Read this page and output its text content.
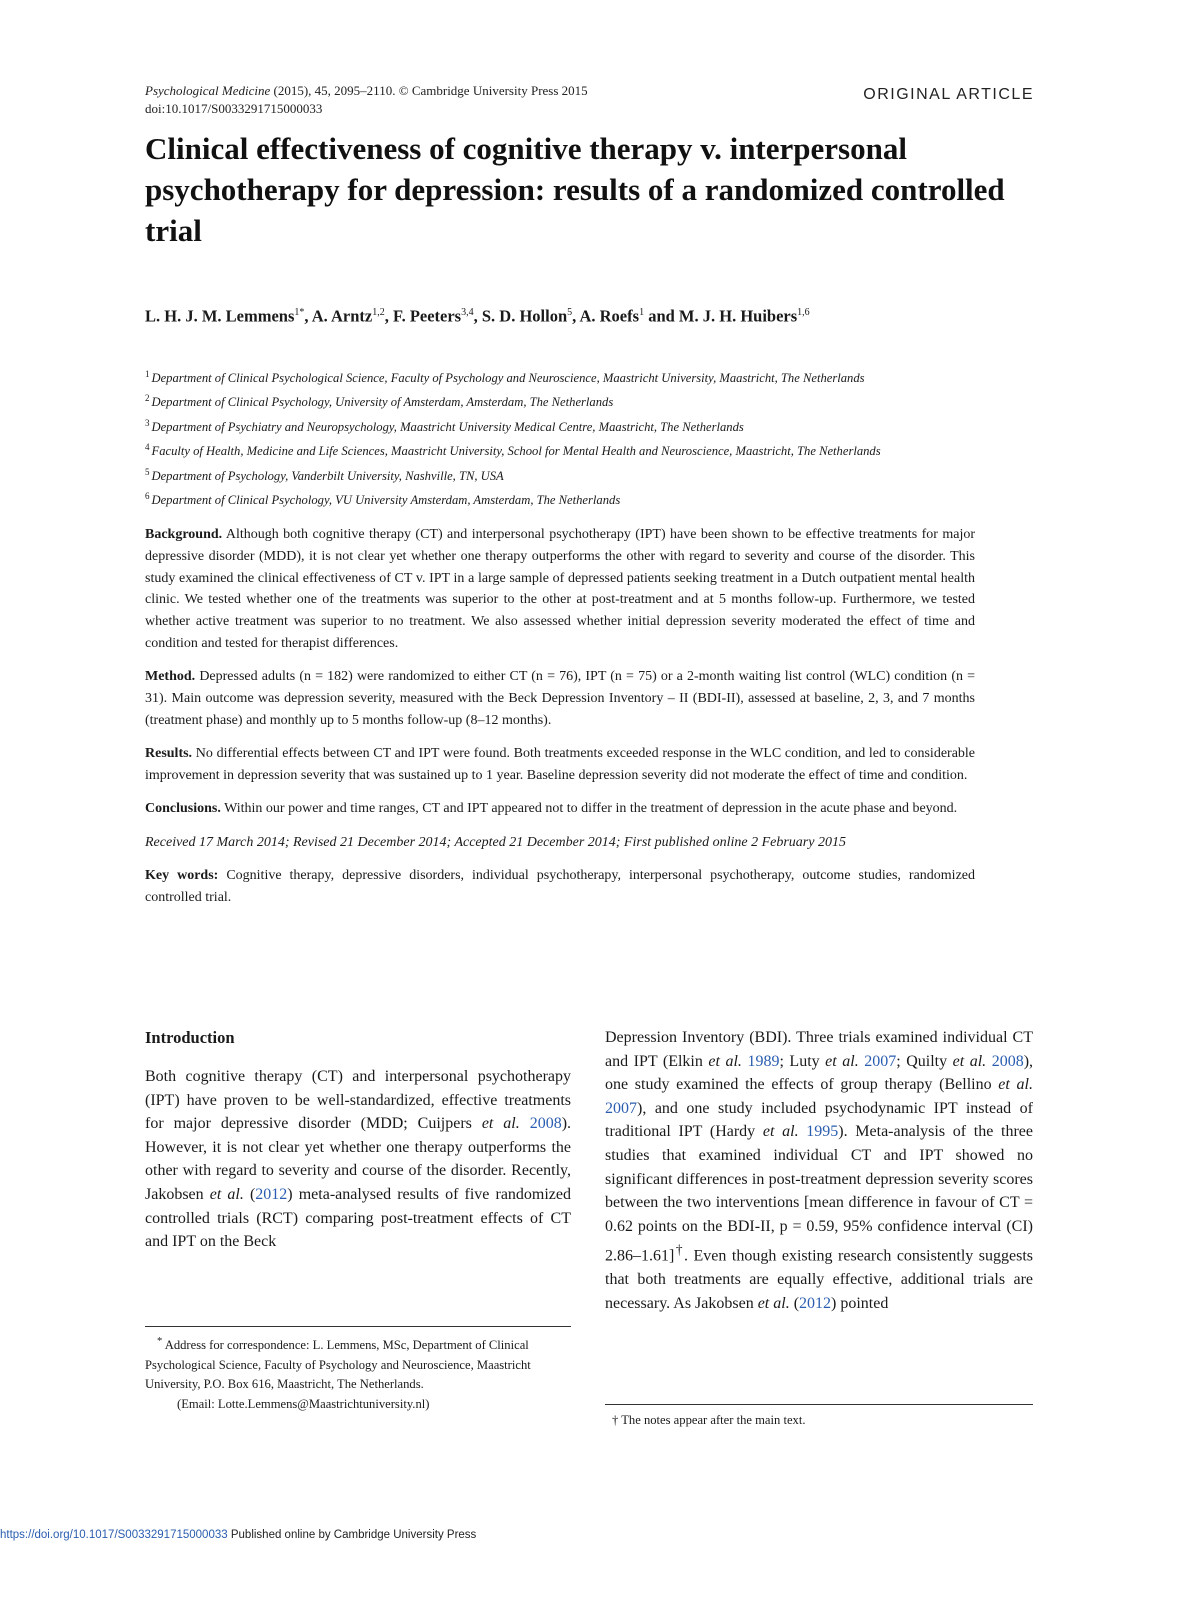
Psychological Medicine (2015), 45, 2095–2110. © Cambridge University Press 2015
doi:10.1017/S0033291715000033
ORIGINAL ARTICLE
Clinical effectiveness of cognitive therapy v. interpersonal psychotherapy for depression: results of a randomized controlled trial
L. H. J. M. Lemmens$^{1*}$, A. Arntz$^{1,2}$, F. Peeters$^{3,4}$, S. D. Hollon$^5$, A. Roefs$^1$ and M. J. H. Huibers$^{1,6}$
$^1$ Department of Clinical Psychological Science, Faculty of Psychology and Neuroscience, Maastricht University, Maastricht, The Netherlands
$^2$ Department of Clinical Psychology, University of Amsterdam, Amsterdam, The Netherlands
$^3$ Department of Psychiatry and Neuropsychology, Maastricht University Medical Centre, Maastricht, The Netherlands
$^4$ Faculty of Health, Medicine and Life Sciences, Maastricht University, School for Mental Health and Neuroscience, Maastricht, The Netherlands
$^5$ Department of Psychology, Vanderbilt University, Nashville, TN, USA
$^6$ Department of Clinical Psychology, VU University Amsterdam, Amsterdam, The Netherlands

Background. Although both cognitive therapy (CT) and interpersonal psychotherapy (IPT) have been shown to be effective treatments for major depressive disorder (MDD), it is not clear yet whether one therapy outperforms the other with regard to severity and course of the disorder. This study examined the clinical effectiveness of CT v. IPT in a large sample of depressed patients seeking treatment in a Dutch outpatient mental health clinic. We tested whether one of the treatments was superior to the other at post-treatment and at 5 months follow-up. Furthermore, we tested whether active treatment was superior to no treatment. We also assessed whether initial depression severity moderated the effect of time and condition and tested for therapist differences.

Method. Depressed adults (n = 182) were randomized to either CT (n = 76), IPT (n = 75) or a 2-month waiting list control (WLC) condition (n = 31). Main outcome was depression severity, measured with the Beck Depression Inventory – II (BDI-II), assessed at baseline, 2, 3, and 7 months (treatment phase) and monthly up to 5 months follow-up (8–12 months).

Results. No differential effects between CT and IPT were found. Both treatments exceeded response in the WLC condition, and led to considerable improvement in depression severity that was sustained up to 1 year. Baseline depression severity did not moderate the effect of time and condition.

Conclusions. Within our power and time ranges, CT and IPT appeared not to differ in the treatment of depression in the acute phase and beyond.

Received 17 March 2014; Revised 21 December 2014; Accepted 21 December 2014; First published online 2 February 2015

Key words: Cognitive therapy, depressive disorders, individual psychotherapy, interpersonal psychotherapy, outcome studies, randomized controlled trial.

Introduction

Both cognitive therapy (CT) and interpersonal psychotherapy (IPT) have proven to be well-standardized, effective treatments for major depressive disorder (MDD; Cuijpers et al. 2008). However, it is not clear yet whether one therapy outperforms the other with regard to severity and course of the disorder. Recently, Jakobsen et al. (2012) meta-analysed results of five randomized controlled trials (RCT) comparing post-treatment effects of CT and IPT on the Beck

Depression Inventory (BDI). Three trials examined individual CT and IPT (Elkin et al. 1989; Luty et al. 2007; Quilty et al. 2008), one study examined the effects of group therapy (Bellino et al. 2007), and one study included psychodynamic IPT instead of traditional IPT (Hardy et al. 1995). Meta-analysis of the three studies that examined individual CT and IPT showed no significant differences in post-treatment depression severity scores between the two interventions [mean difference in favour of CT = 0.62 points on the BDI-II, p = 0.59, 95% confidence interval (CI) 2.86–1.61]†. Even though existing research consistently suggests that both treatments are equally effective, additional trials are necessary. As Jakobsen et al. (2012) pointed

* Address for correspondence: L. Lemmens, MSc, Department of Clinical Psychological Science, Faculty of Psychology and Neuroscience, Maastricht University, P.O. Box 616, Maastricht, The Netherlands.
(Email: Lotte.Lemmens@Maastrichtuniversity.nl)
† The notes appear after the main text.
https://doi.org/10.1017/S0033291715000033 Published online by Cambridge University Press
